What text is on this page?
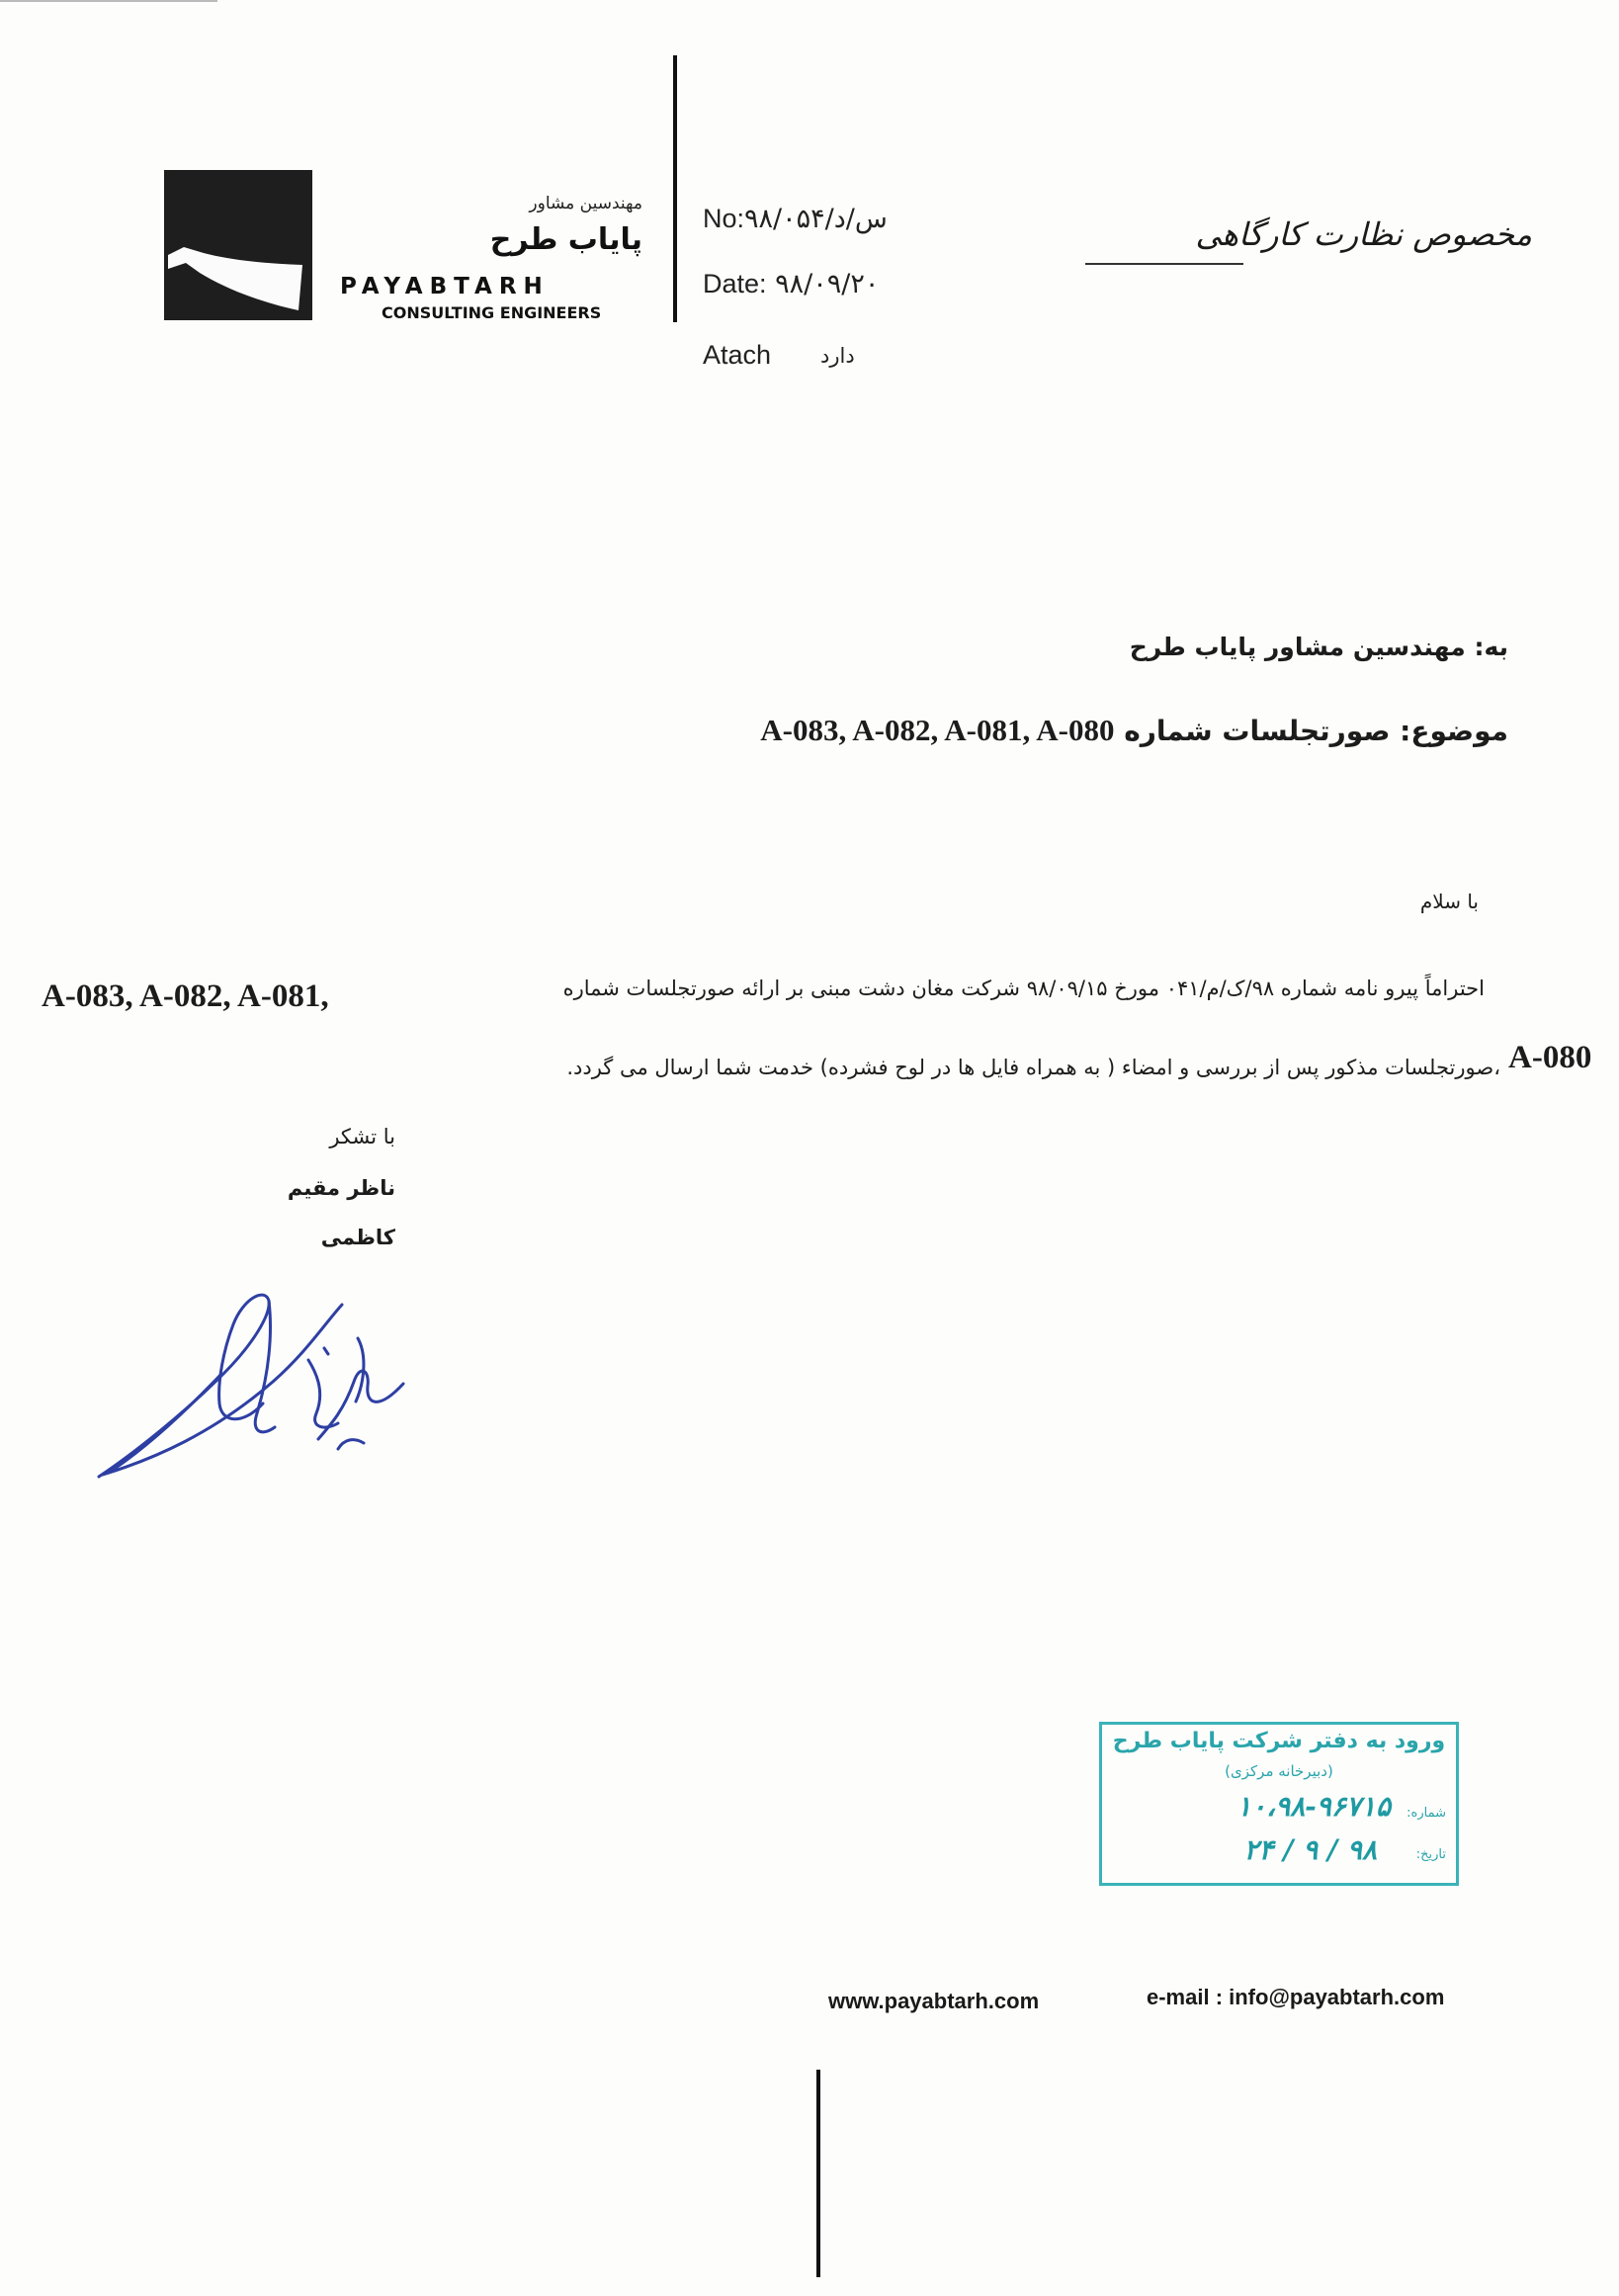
مهندسین مشاور
پایاب طرح
PAYABTARH
CONSULTING ENGINEERS
No:۹۸/س/د/۰۵۴
Date: ۹۸/۰۹/۲۰
Atach	دارد
مخصوص نظارت کارگاهی
به: مهندسین مشاور پایاب طرح
موضوع: صورتجلسات شماره A-083, A-082, A-081, A-080
با سلام
احتراماً پیرو نامه شماره ۹۸/ک/م/۰۴۱ مورخ ۹۸/۰۹/۱۵ شرکت مغان دشت مبنی بر ارائه صورتجلسات شماره
A-083, A-082, A-081,
A-080
،صورتجلسات مذکور پس از بررسی و امضاء ( به همراه فایل ها در لوح فشرده) خدمت شما ارسال می گردد.
با تشکر
ناظر مقیم
کاظمی
ورود به دفتر شرکت پایاب طرح
(دبیرخانه مرکزی)
شماره:
۱۰،۹۸-۹۶۷۱۵
تاریخ:
۹۸ / ۹ / ۲۴
www.payabtarh.com	e-mail : info@payabtarh.com
